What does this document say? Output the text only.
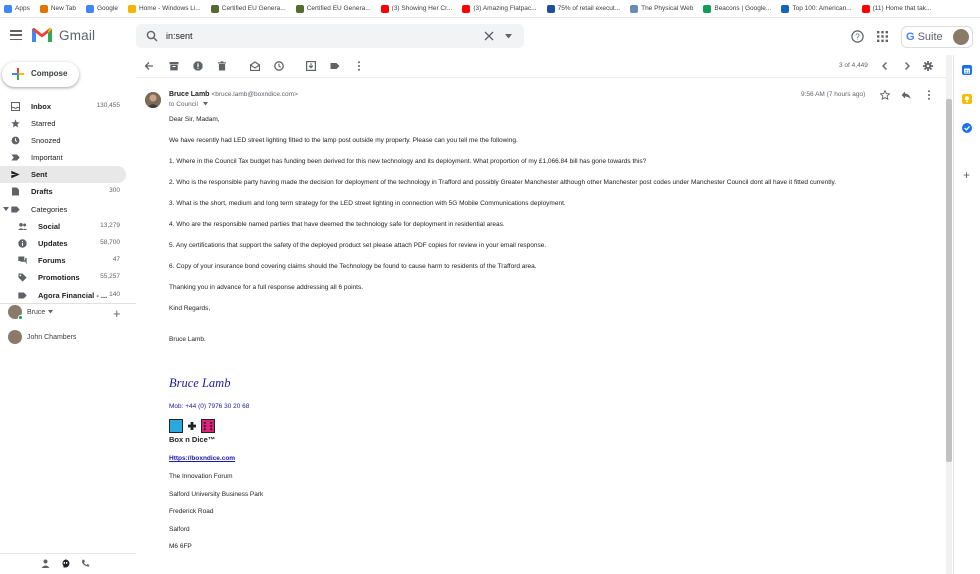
Apps	New Tab	Google	Home - Windows Li...	Certified EU Genera...	Certified EU Genera...	(3) Showing Her Cr...	(3) Amazing Flatpac...	75% of retail execut...	The Physical Web	Beacons | Google...	Top 100: American...	(11) Home that tak...
Gmail
in:sent	?	G Suite
Compose
Inbox	130,455
Starred
Snoozed
Important
Sent
Drafts	300
Categories
Social	13,279
Updates	58,700
Forums	47
Promotions	55,257
Agora Financial - ... 140
Bruce	+
John Chambers
3 of 4,449
Bruce Lamb <bruce.lamb@boxndice.com>
to Council
9:56 AM (7 hours ago)
Bruce Lamb
Mob: +44 (0) 7976 30 20 68
Box n Dice™
Https://boxndice.com
The Innovation Forum
Salford University Business Park
Frederick Road
Salford
M6 6FP
Dear Sir, Madam,
We have recently had LED street lighting fitted to the lamp post outside my property. Please can you tell me the following.
1. Where in the Council Tax budget has funding been derived for this new technology and its deployment. What proportion of my £1,066.84 bill has gone towards this?
2. Who is the responsible party having made the decision for deployment of the technology in Trafford and possibly Greater Manchester although other Manchester post codes under Manchester Council dont all have it fitted currently.
3. What is the short, medium and long term strategy for the LED street lighting in connection with 5G Mobile Communications deployment.
4. Who are the responsible named parties that have deemed the technology safe for deployment in residential areas.
5. Any certifications that support the safety of the deployed product set please attach PDF copies for review in your email response.
6. Copy of your insurance bond covering claims should the Technology be found to cause harm to residents of the Trafford area.
Thanking you in advance for a full response addressing all 6 points.
Kind Regards,
Bruce Lamb.
31
+
